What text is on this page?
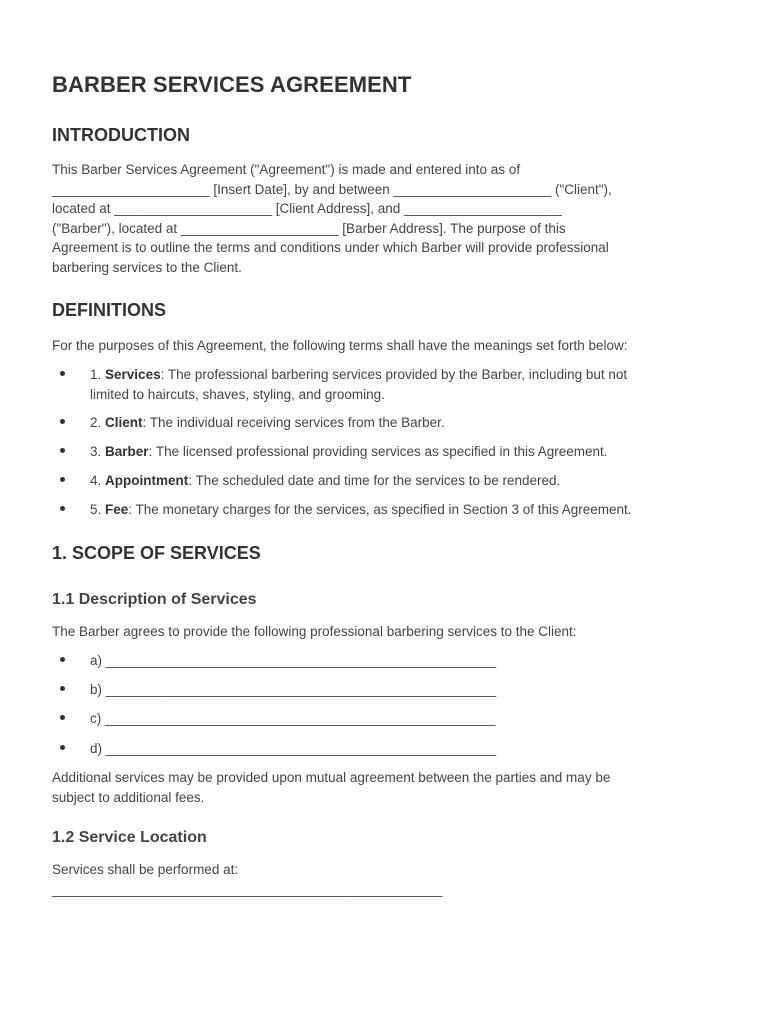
BARBER SERVICES AGREEMENT
INTRODUCTION
This Barber Services Agreement ("Agreement") is made and entered into as of
_____________________ [Insert Date], by and between _____________________ ("Client"),
located at _____________________ [Client Address], and _____________________
("Barber"), located at _____________________ [Barber Address]. The purpose of this
Agreement is to outline the terms and conditions under which Barber will provide professional
barbering services to the Client.
DEFINITIONS

For the purposes of this Agreement, the following terms shall have the meanings set forth below:

1. Services: The professional barbering services provided by the Barber, including but not
limited to haircuts, shaves, styling, and grooming.
2. Client: The individual receiving services from the Barber.
3. Barber: The licensed professional providing services as specified in this Agreement.
4. Appointment: The scheduled date and time for the services to be rendered.
5. Fee: The monetary charges for the services, as specified in Section 3 of this Agreement.
1. SCOPE OF SERVICES
1.1 Description of Services

The Barber agrees to provide the following professional barbering services to the Client:

a) ____________________________________________________
b) ____________________________________________________
c) ____________________________________________________
d) ____________________________________________________
Additional services may be provided upon mutual agreement between the parties and may be
subject to additional fees.
1.2 Service Location
Services shall be performed at:
____________________________________________________
